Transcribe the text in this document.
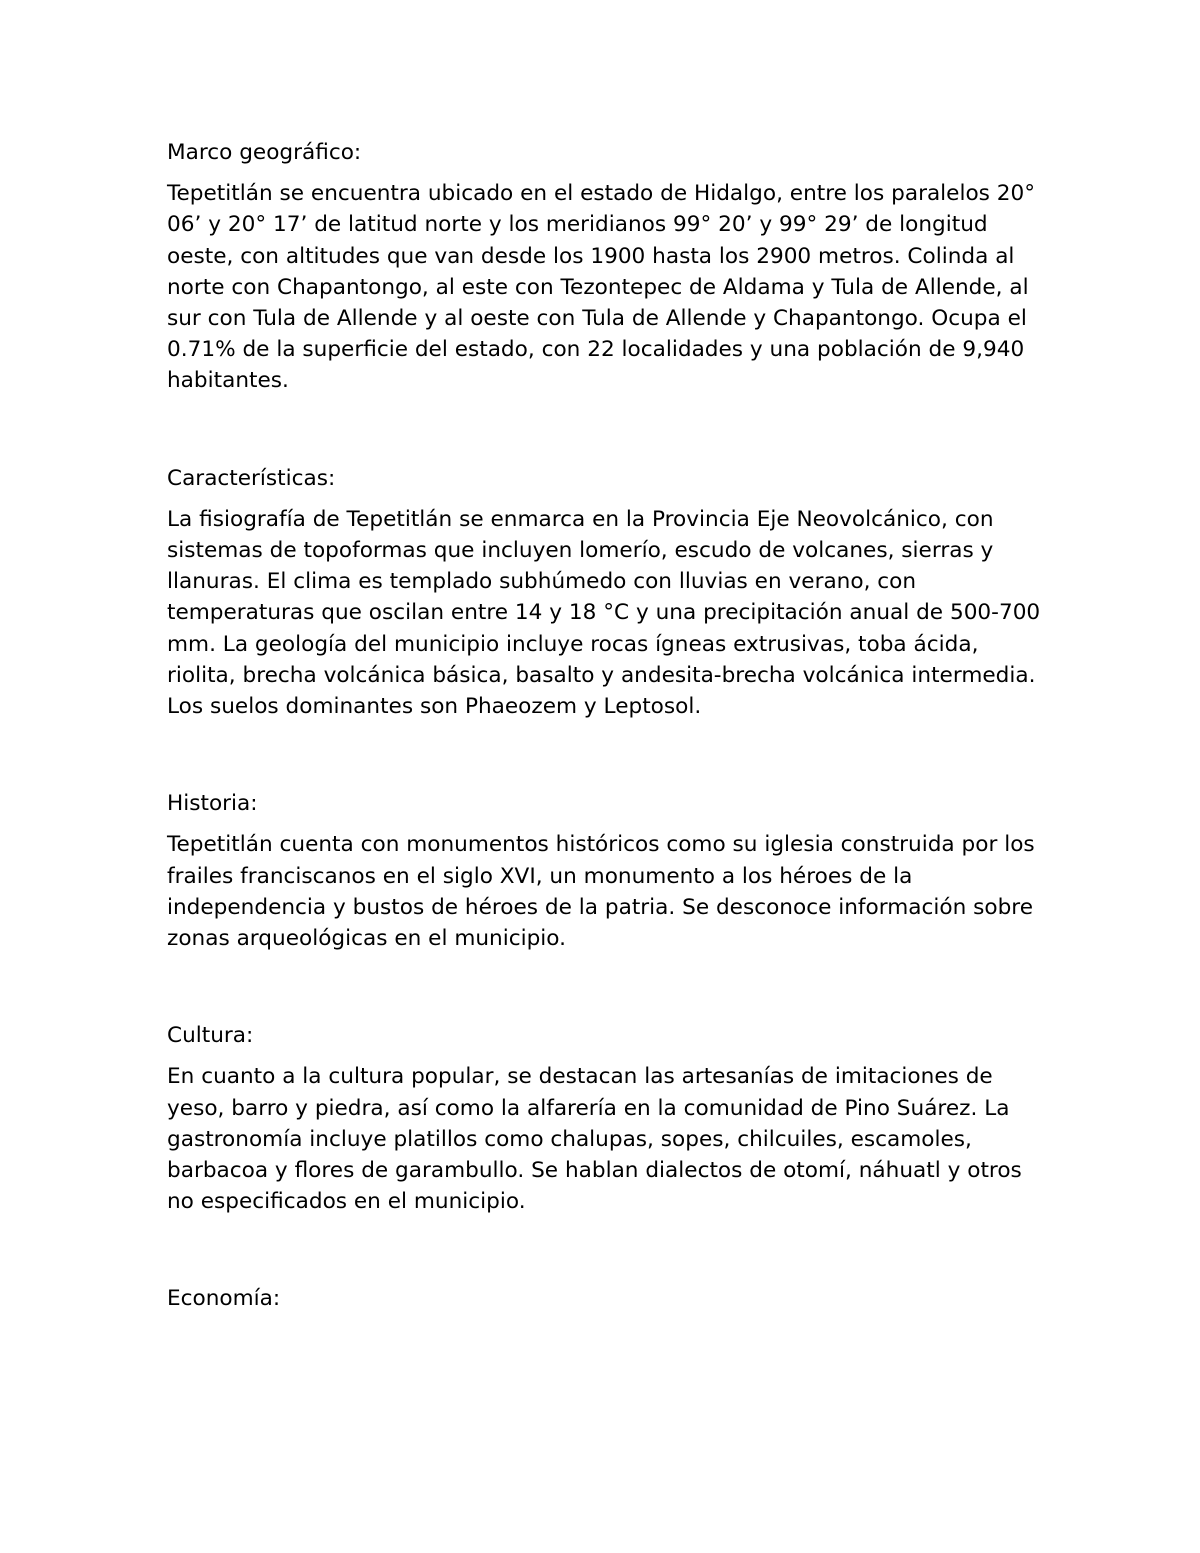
Marco geográfico:

Tepetitlán se encuentra ubicado en el estado de Hidalgo, entre los paralelos 20° 06’ y 20° 17’ de latitud norte y los meridianos 99° 20’ y 99° 29’ de longitud oeste, con altitudes que van desde los 1900 hasta los 2900 metros. Colinda al norte con Chapantongo, al este con Tezontepec de Aldama y Tula de Allende, al sur con Tula de Allende y al oeste con Tula de Allende y Chapantongo. Ocupa el 0.71% de la superficie del estado, con 22 localidades y una población de 9,940 habitantes.

Características:

La fisiografía de Tepetitlán se enmarca en la Provincia Eje Neovolcánico, con sistemas de topoformas que incluyen lomerío, escudo de volcanes, sierras y llanuras. El clima es templado subhúmedo con lluvias en verano, con temperaturas que oscilan entre 14 y 18 °C y una precipitación anual de 500-700 mm. La geología del municipio incluye rocas ígneas extrusivas, toba ácida, riolita, brecha volcánica básica, basalto y andesita-brecha volcánica intermedia. Los suelos dominantes son Phaeozem y Leptosol.

Historia:

Tepetitlán cuenta con monumentos históricos como su iglesia construida por los frailes franciscanos en el siglo XVI, un monumento a los héroes de la independencia y bustos de héroes de la patria. Se desconoce información sobre zonas arqueológicas en el municipio.

Cultura:

En cuanto a la cultura popular, se destacan las artesanías de imitaciones de yeso, barro y piedra, así como la alfarería en la comunidad de Pino Suárez. La gastronomía incluye platillos como chalupas, sopes, chilcuiles, escamoles, barbacoa y flores de garambullo. Se hablan dialectos de otomí, náhuatl y otros no especificados en el municipio.

Economía:
